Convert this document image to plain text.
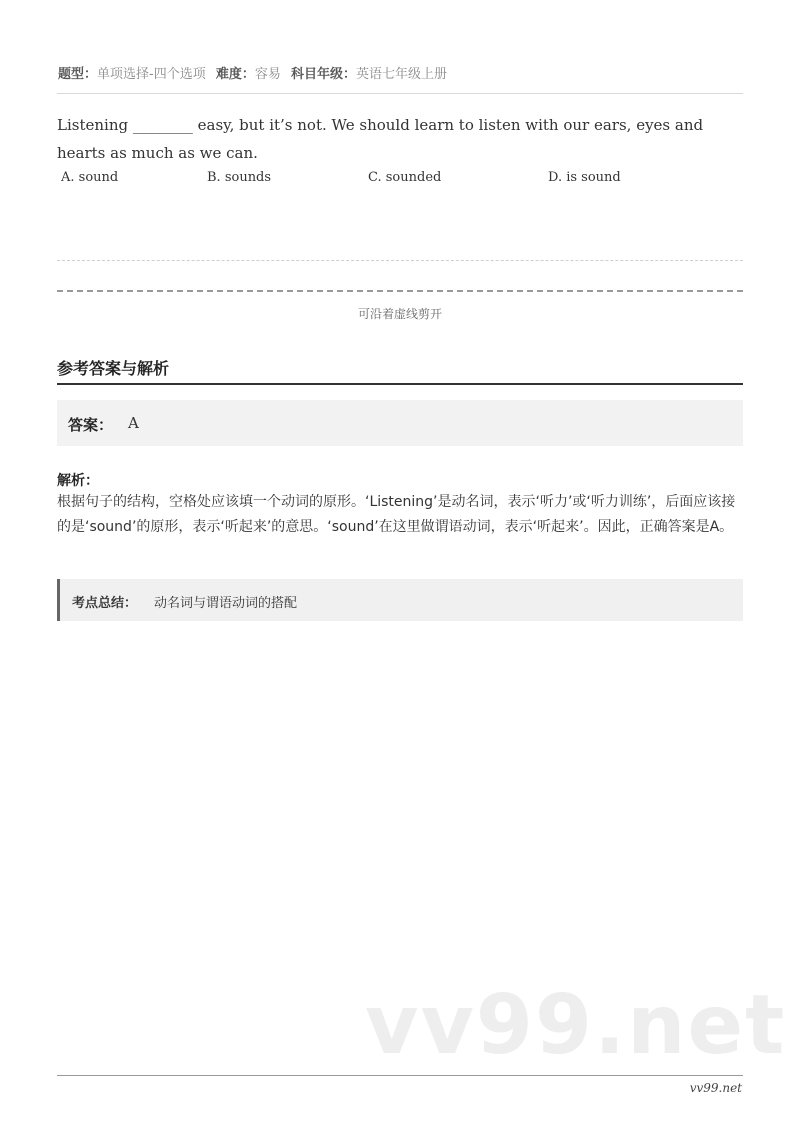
题型：单项选择-四个选项 难度：容易 科目年级：英语七年级上册
Listening ________ easy, but it’s not. We should learn to listen with our ears, eyes and hearts as much as we can.
A. sound	B. sounds	C. sounded	D. is sound
可沿着虚线剪开
参考答案与解析
答案： A
解析：
根据句子的结构，空格处应该填一个动词的原形。‘Listening’是动名词，表示‘听力’或‘听力训练’，后面应该接的是‘sound’的原形，表示‘听起来’的意思。‘sound’在这里做谓语动词，表示‘听起来’。因此，正确答案是A。
考点总结： 动名词与谓语动词的搭配
vv99.net
vv99.net
